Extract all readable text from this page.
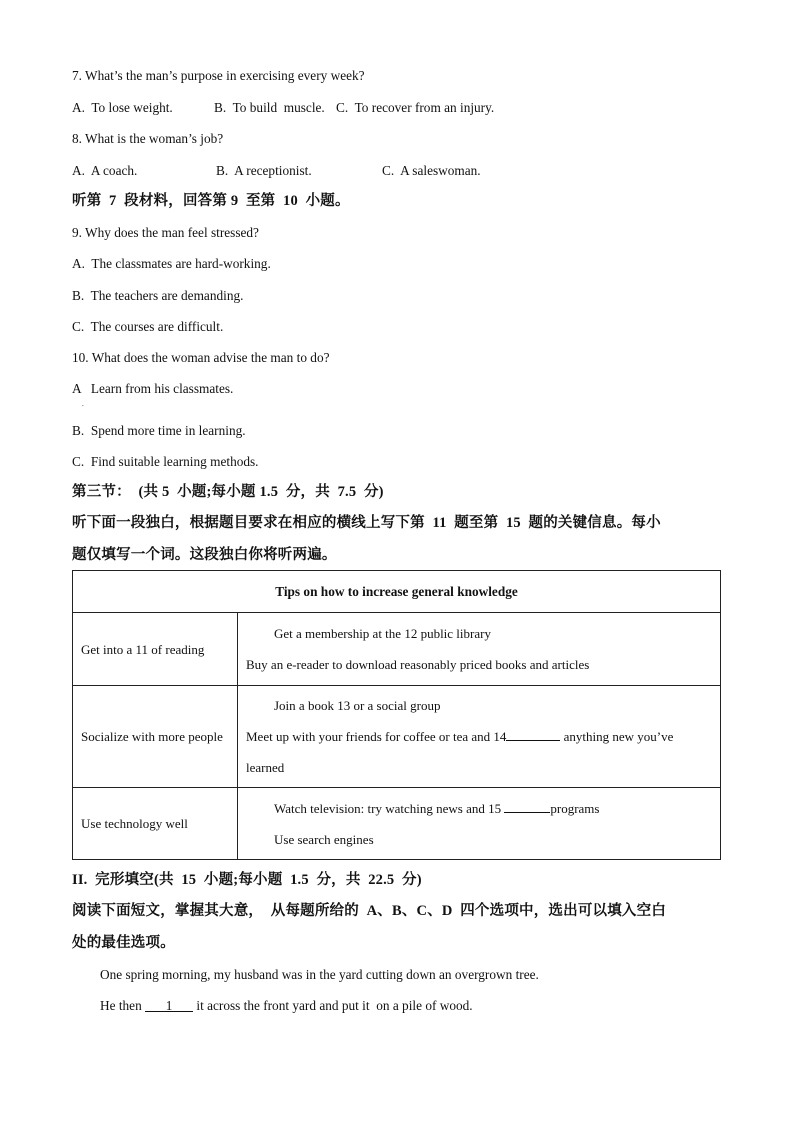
7. What’s the man’s purpose in exercising every week?
A.  To lose weight.	B.  To build  muscle. C.  To recover from an injury.
8. What is the woman’s job?
A.  A coach.	B.  A receptionist.	C.  A saleswoman.
听第  7  段材料，回答第 9  至第  10  小题。
9. Why does the man feel stressed?
A.  The classmates are hard-working.
B.  The teachers are demanding.
C.  The courses are difficult.
10. What does the woman advise the man to do?
A   Learn from his classmates.
.
B.  Spend more time in learning.
C.  Find suitable learning methods.
第三节：  (共 5  小题;每小题 1.5  分，共  7.5  分)
听下面一段独白，根据题目要求在相应的横线上写下第  11  题至第  15  题的关键信息。每小
题仅填写一个词。这段独白你将听两遍。
Tips on how to increase general knowledge	
Get into a 11 of reading	Get a membership at the 12 public library
Buy an e-reader to download reasonably priced books and articles

Socialize with more people	Join a book 13 or a social group
Meet up with your friends for coffee or tea and 14 anything new you’ve
learned

Use technology well	Watch television: try watching news and 15 programs
Use search engines
II.  完形填空(共  15  小题;每小题  1.5  分，共  22.5  分)
阅读下面短文，掌握其大意，  从每题所给的  A、B、C、D  四个选项中，选出可以填入空白
处的最佳选项。
One spring morning, my husband was in the yard cutting down an overgrown tree.
He then 1 it across the front yard and put it  on a pile of wood.
